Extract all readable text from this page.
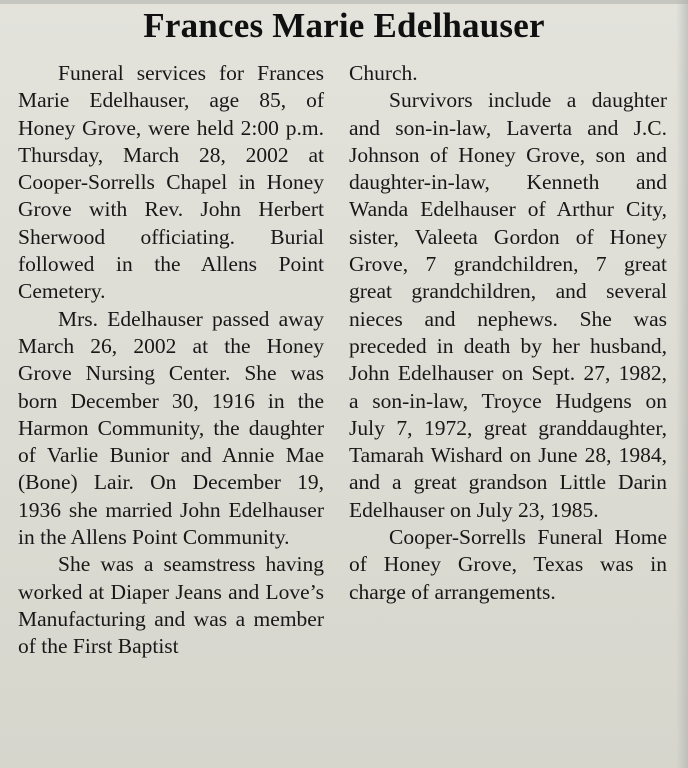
Frances Marie Edelhauser

Funeral services for Frances Marie Edelhauser, age 85, of Honey Grove, were held 2:00 p.m. Thursday, March 28, 2002 at Cooper-Sorrells Chapel in Honey Grove with Rev. John Herbert Sherwood officiating. Burial followed in the Allens Point Cemetery.

Mrs. Edelhauser passed away March 26, 2002 at the Honey Grove Nursing Center. She was born December 30, 1916 in the Harmon Community, the daughter of Varlie Bunior and Annie Mae (Bone) Lair. On December 19, 1936 she married John Edelhauser in the Allens Point Community.

She was a seamstress having worked at Diaper Jeans and Love’s Manufacturing and was a member of the First Baptist

Church.

Survivors include a daughter and son-in-law, Laverta and J.C. Johnson of Honey Grove, son and daughter-in-law, Kenneth and Wanda Edelhauser of Arthur City, sister, Valeeta Gordon of Honey Grove, 7 grandchildren, 7 great great grandchildren, and several nieces and nephews. She was preceded in death by her husband, John Edelhauser on Sept. 27, 1982, a son-in-law, Troyce Hudgens on July 7, 1972, great granddaughter, Tamarah Wishard on June 28, 1984, and a great grandson Little Darin Edelhauser on July 23, 1985.

Cooper-Sorrells Funeral Home of Honey Grove, Texas was in charge of arrangements.
